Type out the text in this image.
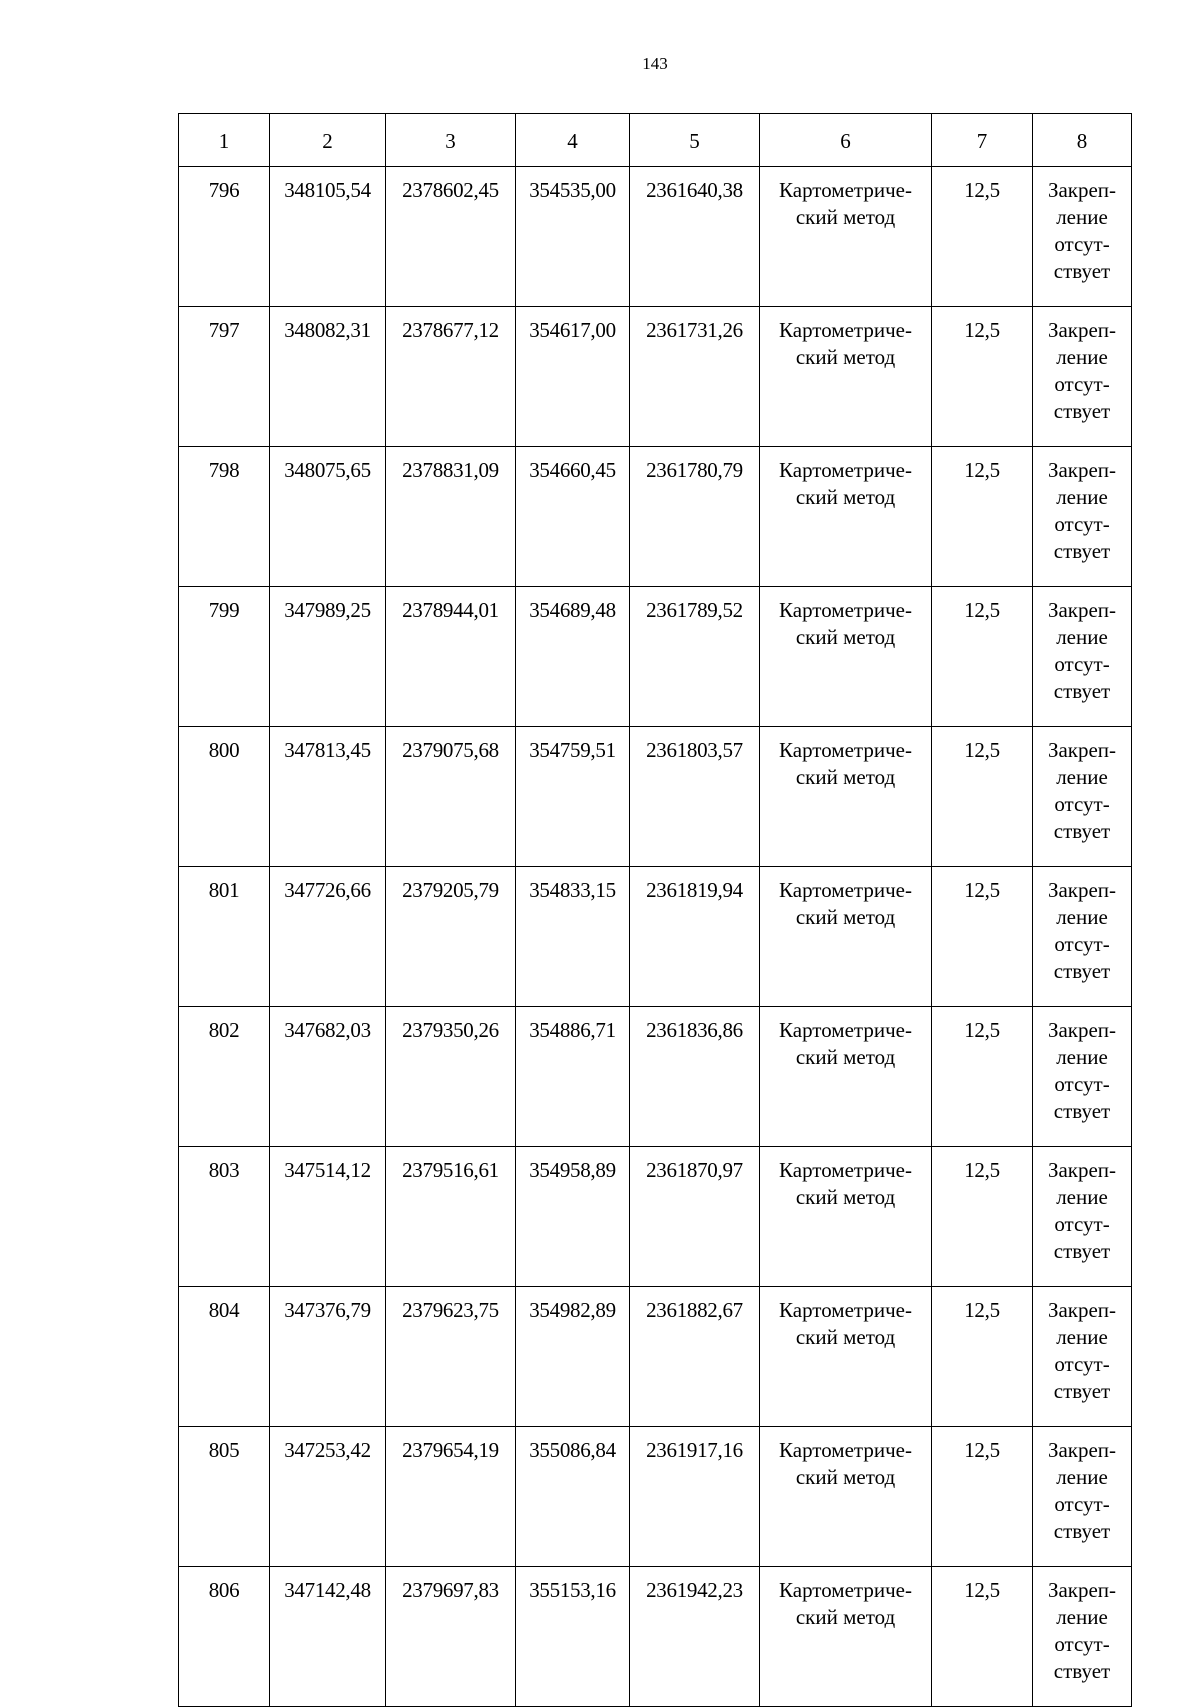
143
1	2	3	4	5	6	7	8
796	348105,54	2378602,45	354535,00	2361640,38	Картометриче-
ский метод	12,5	Закреп-
ление
отсут-
ствует

797	348082,31	2378677,12	354617,00	2361731,26	Картометриче-
ский метод	12,5	Закреп-
ление
отсут-
ствует

798	348075,65	2378831,09	354660,45	2361780,79	Картометриче-
ский метод	12,5	Закреп-
ление
отсут-
ствует

799	347989,25	2378944,01	354689,48	2361789,52	Картометриче-
ский метод	12,5	Закреп-
ление
отсут-
ствует

800	347813,45	2379075,68	354759,51	2361803,57	Картометриче-
ский метод	12,5	Закреп-
ление
отсут-
ствует

801	347726,66	2379205,79	354833,15	2361819,94	Картометриче-
ский метод	12,5	Закреп-
ление
отсут-
ствует

802	347682,03	2379350,26	354886,71	2361836,86	Картометриче-
ский метод	12,5	Закреп-
ление
отсут-
ствует

803	347514,12	2379516,61	354958,89	2361870,97	Картометриче-
ский метод	12,5	Закреп-
ление
отсут-
ствует

804	347376,79	2379623,75	354982,89	2361882,67	Картометриче-
ский метод	12,5	Закреп-
ление
отсут-
ствует

805	347253,42	2379654,19	355086,84	2361917,16	Картометриче-
ский метод	12,5	Закреп-
ление
отсут-
ствует

806	347142,48	2379697,83	355153,16	2361942,23	Картометриче-
ский метод	12,5	Закреп-
ление
отсут-
ствует
